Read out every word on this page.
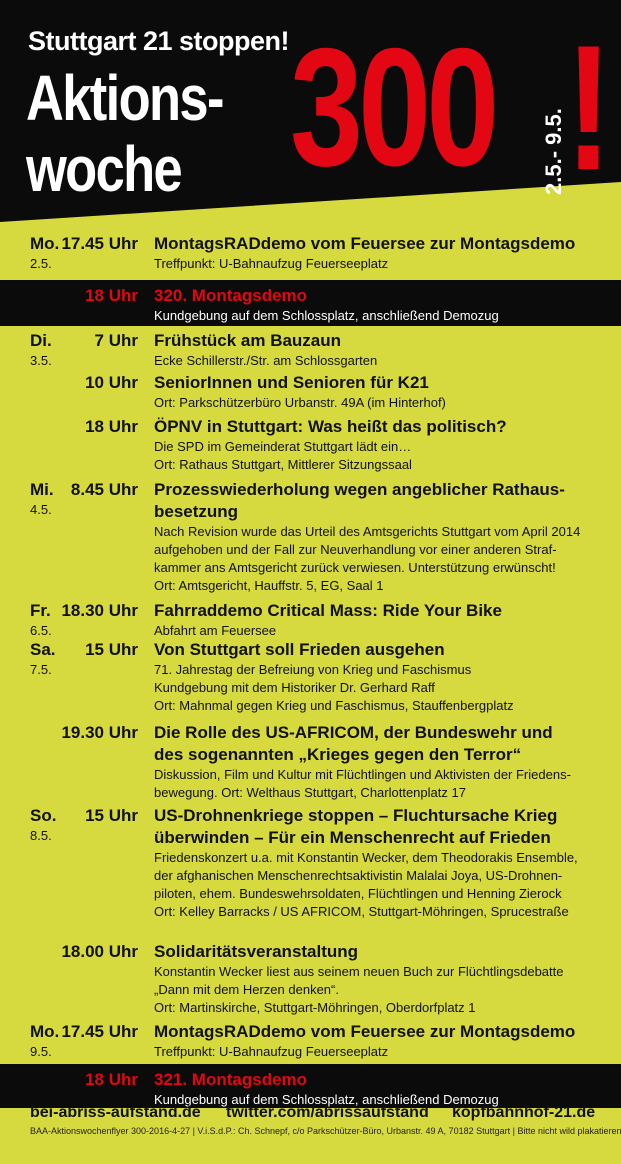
Stuttgart 21 stoppen!
Aktions-
woche 300 !
2.5.- 9.5.
Mo.
2.5.
17.45 Uhr MontagsRADdemo vom Feuersee zur Montagsdemo
Treffpunkt: U-Bahnaufzug Feuerseeplatz
18 Uhr 320. Montagsdemo
Kundgebung auf dem Schlossplatz, anschließend Demozug
Di.
3.5.
7 Uhr Frühstück am Bauzaun
Ecke Schillerstr./Str. am Schlossgarten
10 Uhr SeniorInnen und Senioren für K21
Ort: Parkschützerbüro Urbanstr. 49A (im Hinterhof)
18 Uhr ÖPNV in Stuttgart: Was heißt das politisch?
Die SPD im Gemeinderat Stuttgart lädt ein…
Ort: Rathaus Stuttgart, Mittlerer Sitzungssaal
Mi.
4.5.
8.45 Uhr Prozesswiederholung wegen angeblicher Rathaus-besetzung
Nach Revision wurde das Urteil des Amtsgerichts Stuttgart vom April 2014
aufgehoben und der Fall zur Neuverhandlung vor einer anderen Straf-
kammer ans Amtsgericht zurück verwiesen. Unterstützung erwünscht!
Ort: Amtsgericht, Hauffstr. 5, EG, Saal 1
Fr.
6.5.
18.30 Uhr Fahrraddemo Critical Mass: Ride Your Bike
Abfahrt am Feuersee
Sa.
7.5.
15 Uhr Von Stuttgart soll Frieden ausgehen
71. Jahrestag der Befreiung von Krieg und Faschismus
Kundgebung mit dem Historiker Dr. Gerhard Raff
Ort: Mahnmal gegen Krieg und Faschismus, Stauffenbergplatz
19.30 Uhr Die Rolle des US-AFRICOM, der Bundeswehr und des sogenannten „Krieges gegen den Terror“
Diskussion, Film und Kultur mit Flüchtlingen und Aktivisten der Friedens-
bewegung. Ort: Welthaus Stuttgart, Charlottenplatz 17
So.
8.5.
15 Uhr US-Drohnenkriege stoppen – Fluchtursache Krieg überwinden – Für ein Menschenrecht auf Frieden
Friedenskonzert u.a. mit Konstantin Wecker, dem Theodorakis Ensemble,
der afghanischen Menschenrechtsaktivistin Malalai Joya, US-Drohnen-
piloten, ehem. Bundeswehrsoldaten, Flüchtlingen und Henning Zierock
Ort: Kelley Barracks / US AFRICOM, Stuttgart-Möhringen, Sprucestraße
18.00 Uhr Solidaritätsveranstaltung
Konstantin Wecker liest aus seinem neuen Buch zur Flüchtlingsdebatte
„Dann mit dem Herzen denken“.
Ort: Martinskirche, Stuttgart-Möhringen, Oberdorfplatz 1
Mo.
9.5.
17.45 Uhr MontagsRADdemo vom Feuersee zur Montagsdemo
Treffpunkt: U-Bahnaufzug Feuerseeplatz
18 Uhr 321. Montagsdemo
Kundgebung auf dem Schlossplatz, anschließend Demozug
bei-abriss-aufstand.de twitter.com/abrissaufstand kopfbahnhof-21.de
BAA-Aktionswochenflyer 300-2016-4-27 | V.i.S.d.P.: Ch. Schnepf, c/o Parkschützer-Büro, Urbanstr. 49 A, 70182 Stuttgart | Bitte nicht wild plakatieren
